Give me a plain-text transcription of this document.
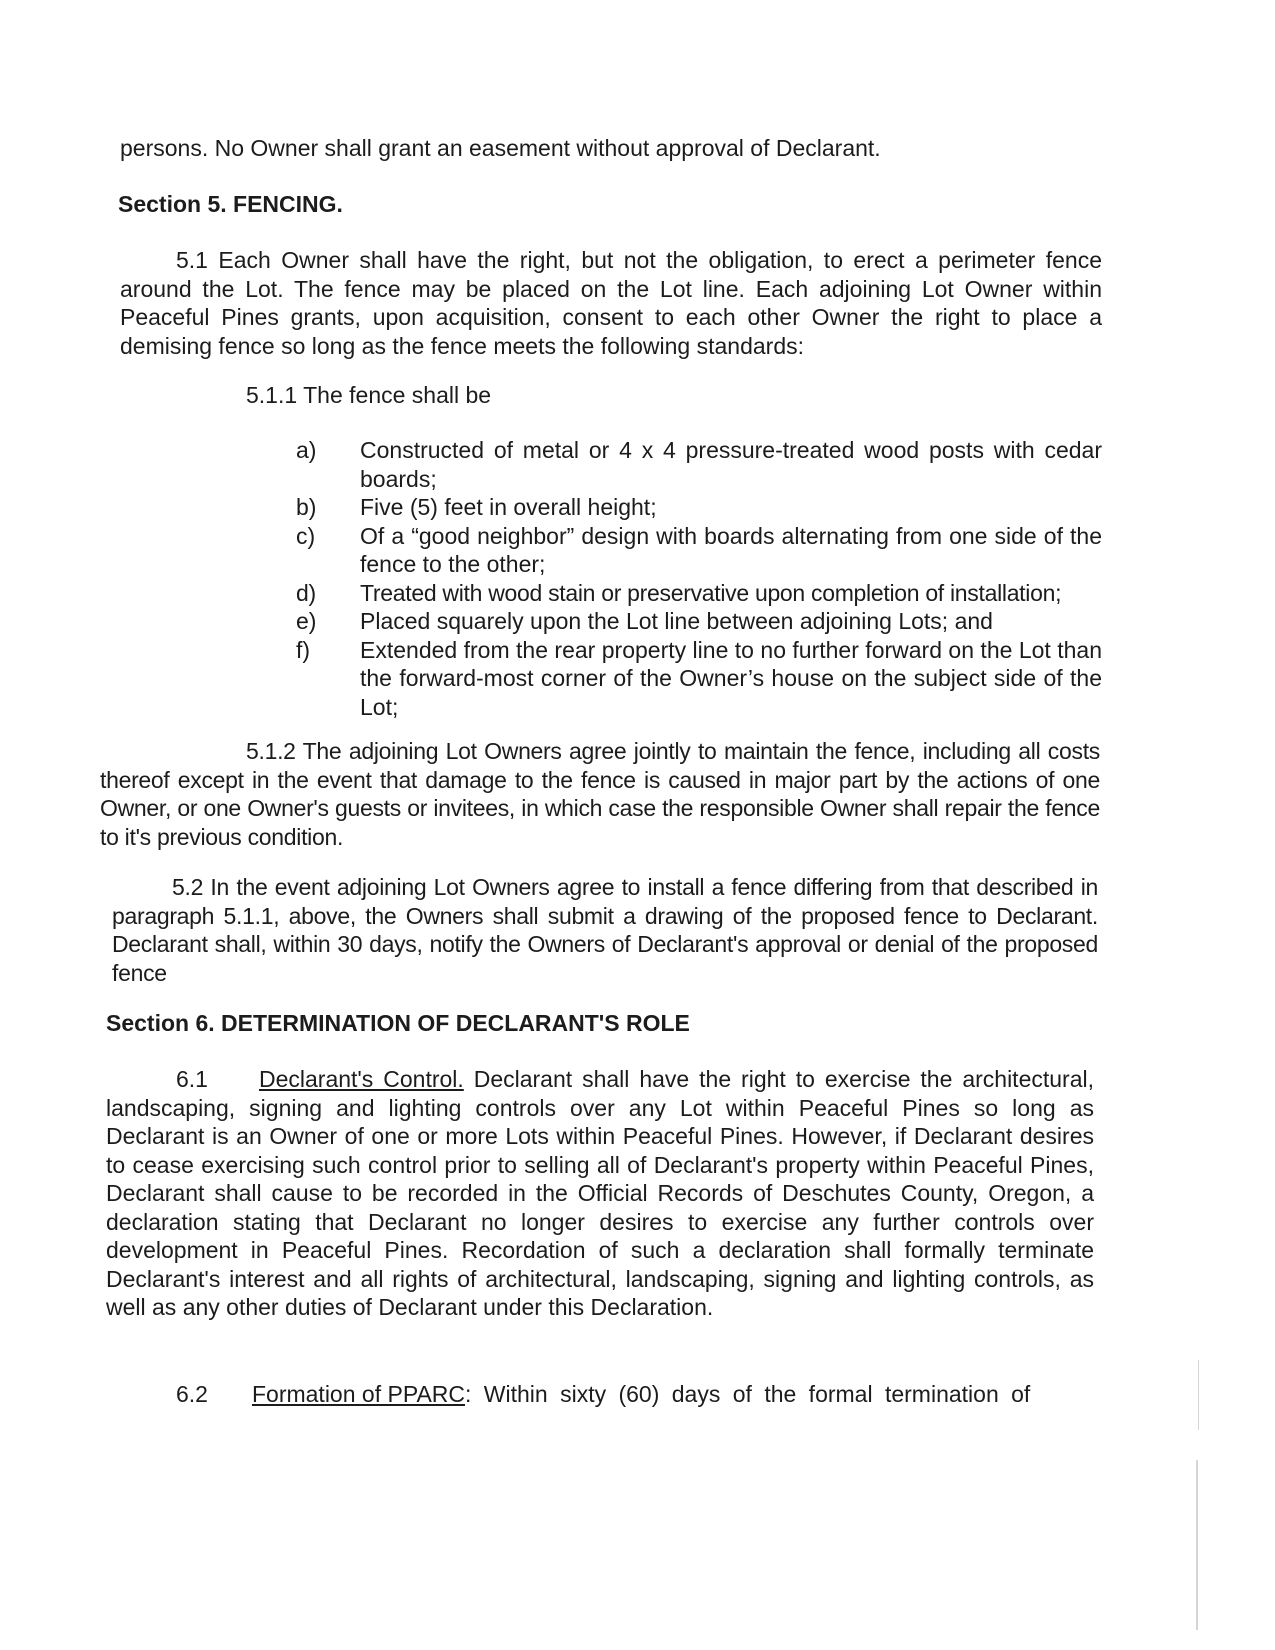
persons. No Owner shall grant an easement without approval of Declarant.

Section 5. FENCING.

5.1 Each Owner shall have the right, but not the obligation, to erect a perimeter fence around the Lot. The fence may be placed on the Lot line. Each adjoining Lot Owner within Peaceful Pines grants, upon acquisition, consent to each other Owner the right to place a demising fence so long as the fence meets the following standards:

5.1.1 The fence shall be

a) Constructed of metal or 4 x 4 pressure-treated wood posts with cedar boards;
b) Five (5) feet in overall height;
c) Of a “good neighbor” design with boards alternating from one side of the fence to the other;
d) Treated with wood stain or preservative upon completion of installation;
e) Placed squarely upon the Lot line between adjoining Lots; and
f) Extended from the rear property line to no further forward on the Lot than the forward-most corner of the Owner’s house on the subject side of the Lot;

5.1.2 The adjoining Lot Owners agree jointly to maintain the fence, including all costs thereof except in the event that damage to the fence is caused in major part by the actions of one Owner, or one Owner's guests or invitees, in which case the responsible Owner shall repair the fence to it's previous condition.

5.2 In the event adjoining Lot Owners agree to install a fence differing from that described in paragraph 5.1.1, above, the Owners shall submit a drawing of the proposed fence to Declarant. Declarant shall, within 30 days, notify the Owners of Declarant's approval or denial of the proposed fence

Section 6. DETERMINATION OF DECLARANT'S ROLE

6.1 Declarant's Control. Declarant shall have the right to exercise the architectural, landscaping, signing and lighting controls over any Lot within Peaceful Pines so long as Declarant is an Owner of one or more Lots within Peaceful Pines. However, if Declarant desires to cease exercising such control prior to selling all of Declarant's property within Peaceful Pines, Declarant shall cause to be recorded in the Official Records of Deschutes County, Oregon, a declaration stating that Declarant no longer desires to exercise any further controls over development in Peaceful Pines. Recordation of such a declaration shall formally terminate Declarant's interest and all rights of architectural, landscaping, signing and lighting controls, as well as any other duties of Declarant under this Declaration.

6.2 Formation of PPARC: Within sixty (60) days of the formal termination of
